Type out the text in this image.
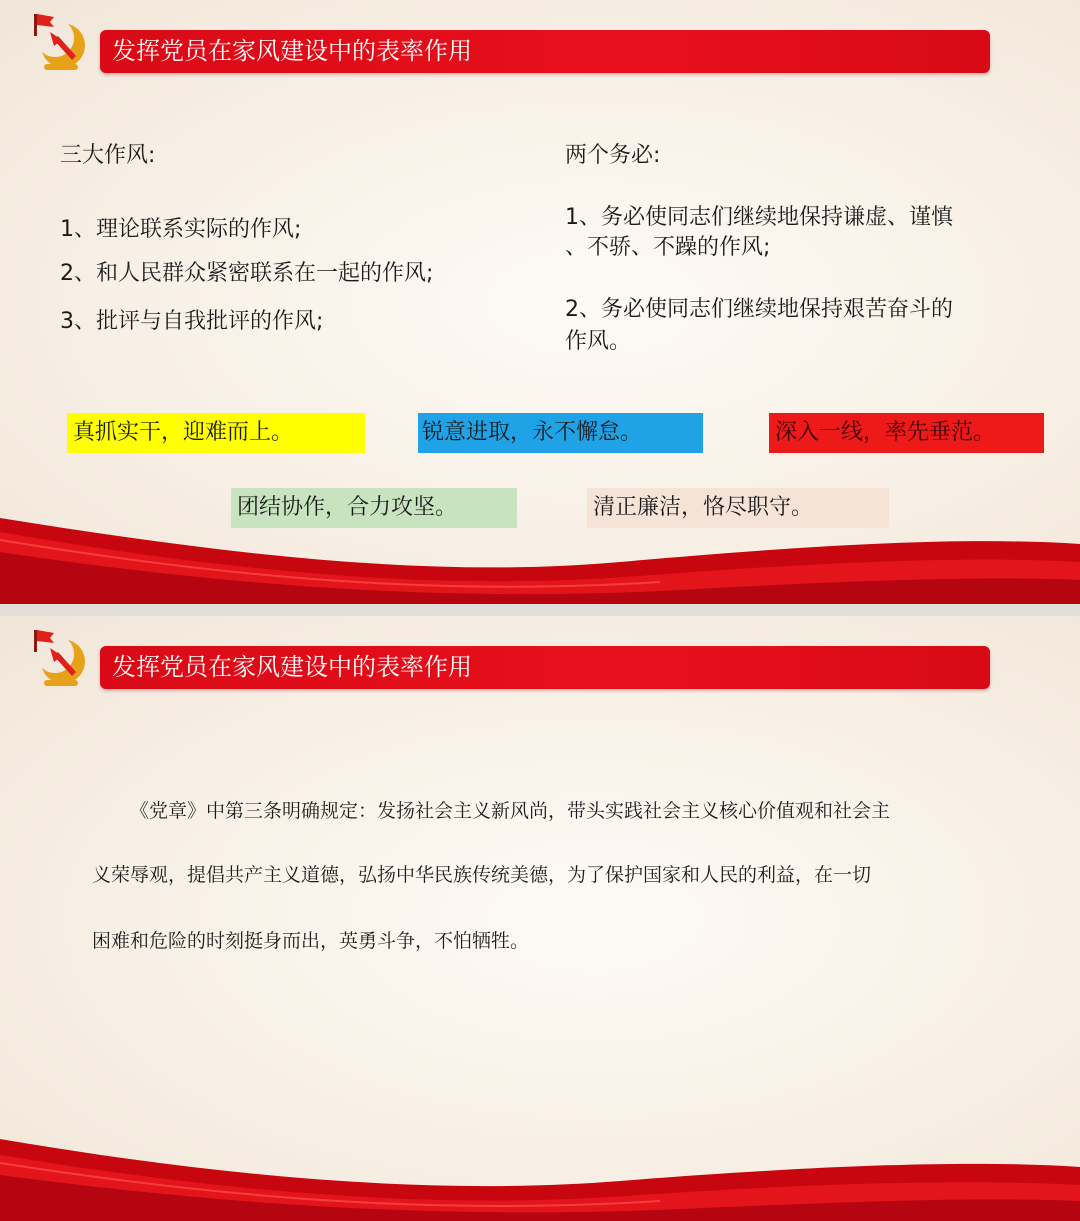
发挥党员在家风建设中的表率作用
三大作风:
1、理论联系实际的作风;
2、和人民群众紧密联系在一起的作风;
3、批评与自我批评的作风;
两个务必:
1、务必使同志们继续地保持谦虚、谨慎
、不骄、不躁的作风;
2、务必使同志们继续地保持艰苦奋斗的
作风。
真抓实干，迎难而上。	锐意进取，永不懈怠。	深入一线，率先垂范。
团结协作，合力攻坚。	清正廉洁，恪尽职守。
发挥党员在家风建设中的表率作用
《党章》中第三条明确规定：发扬社会主义新风尚，带头实践社会主义核心价值观和社会主
义荣辱观，提倡共产主义道德，弘扬中华民族传统美德，为了保护国家和人民的利益，在一切
困难和危险的时刻挺身而出，英勇斗争，不怕牺牲。
